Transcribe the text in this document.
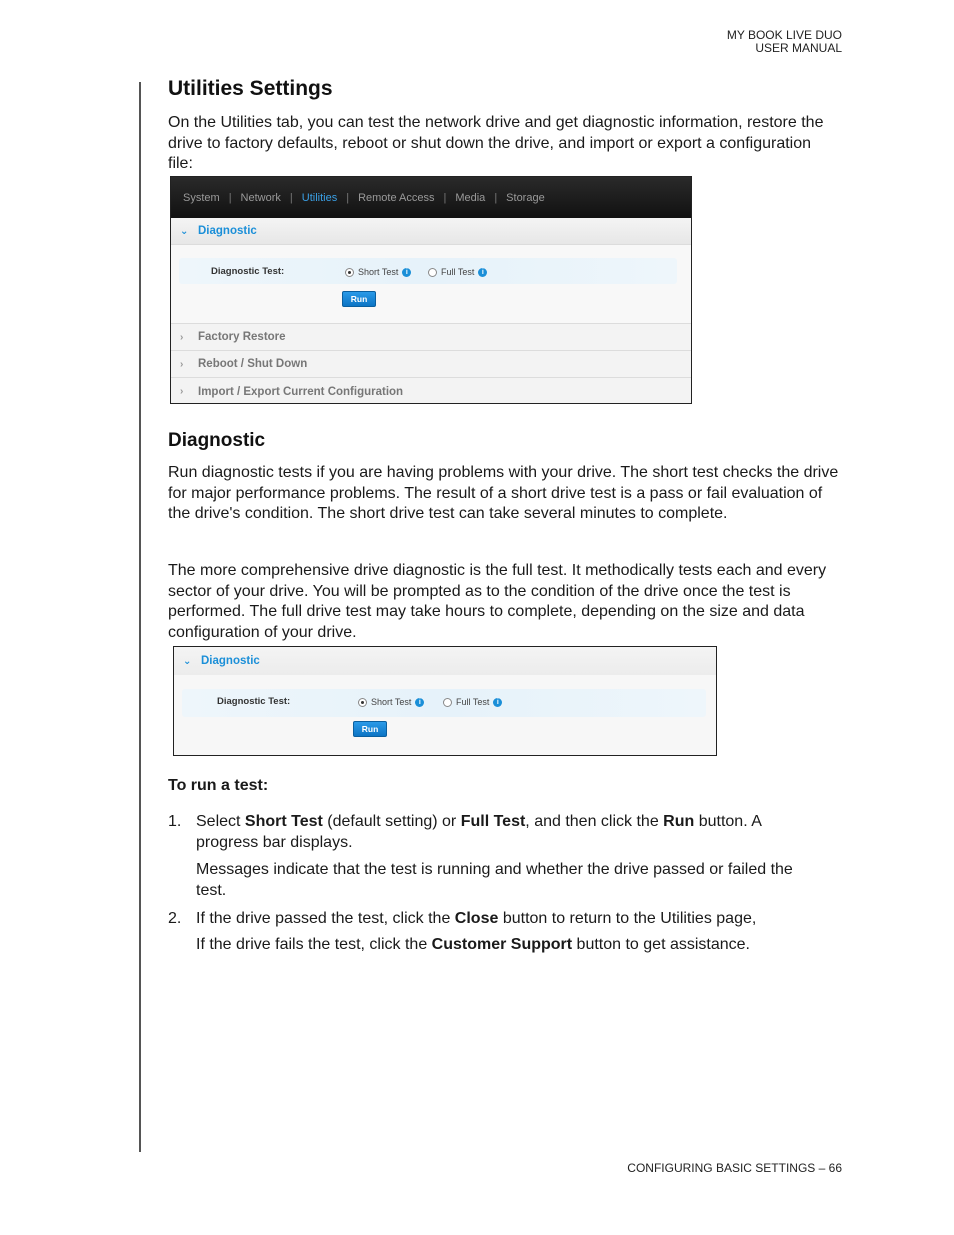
MY BOOK LIVE DUO
USER MANUAL
Utilities Settings
On the Utilities tab, you can test the network drive and get diagnostic information, restore the drive to factory defaults, reboot or shut down the drive, and import or export a configuration file:
System | Network | Utilities | Remote Access | Media | Storage
⌄ Diagnostic
Diagnostic Test:	Short Test	i	Full Test	i
Run
›	Factory Restore
›	Reboot / Shut Down
›	Import / Export Current Configuration
Diagnostic
Run diagnostic tests if you are having problems with your drive. The short test checks the drive for major performance problems. The result of a short drive test is a pass or fail evaluation of the drive's condition. The short drive test can take several minutes to complete.
The more comprehensive drive diagnostic is the full test. It methodically tests each and every sector of your drive. You will be prompted as to the condition of the drive once the test is performed. The full drive test may take hours to complete, depending on the size and data configuration of your drive.
⌄ Diagnostic
Diagnostic Test:	Short Test	i	Full Test	i
Run
To run a test:
1. Select Short Test (default setting) or Full Test, and then click the Run button. A progress bar displays.
Messages indicate that the test is running and whether the drive passed or failed the test.
2. If the drive passed the test, click the Close button to return to the Utilities page,
If the drive fails the test, click the Customer Support button to get assistance.
CONFIGURING BASIC SETTINGS – 66
